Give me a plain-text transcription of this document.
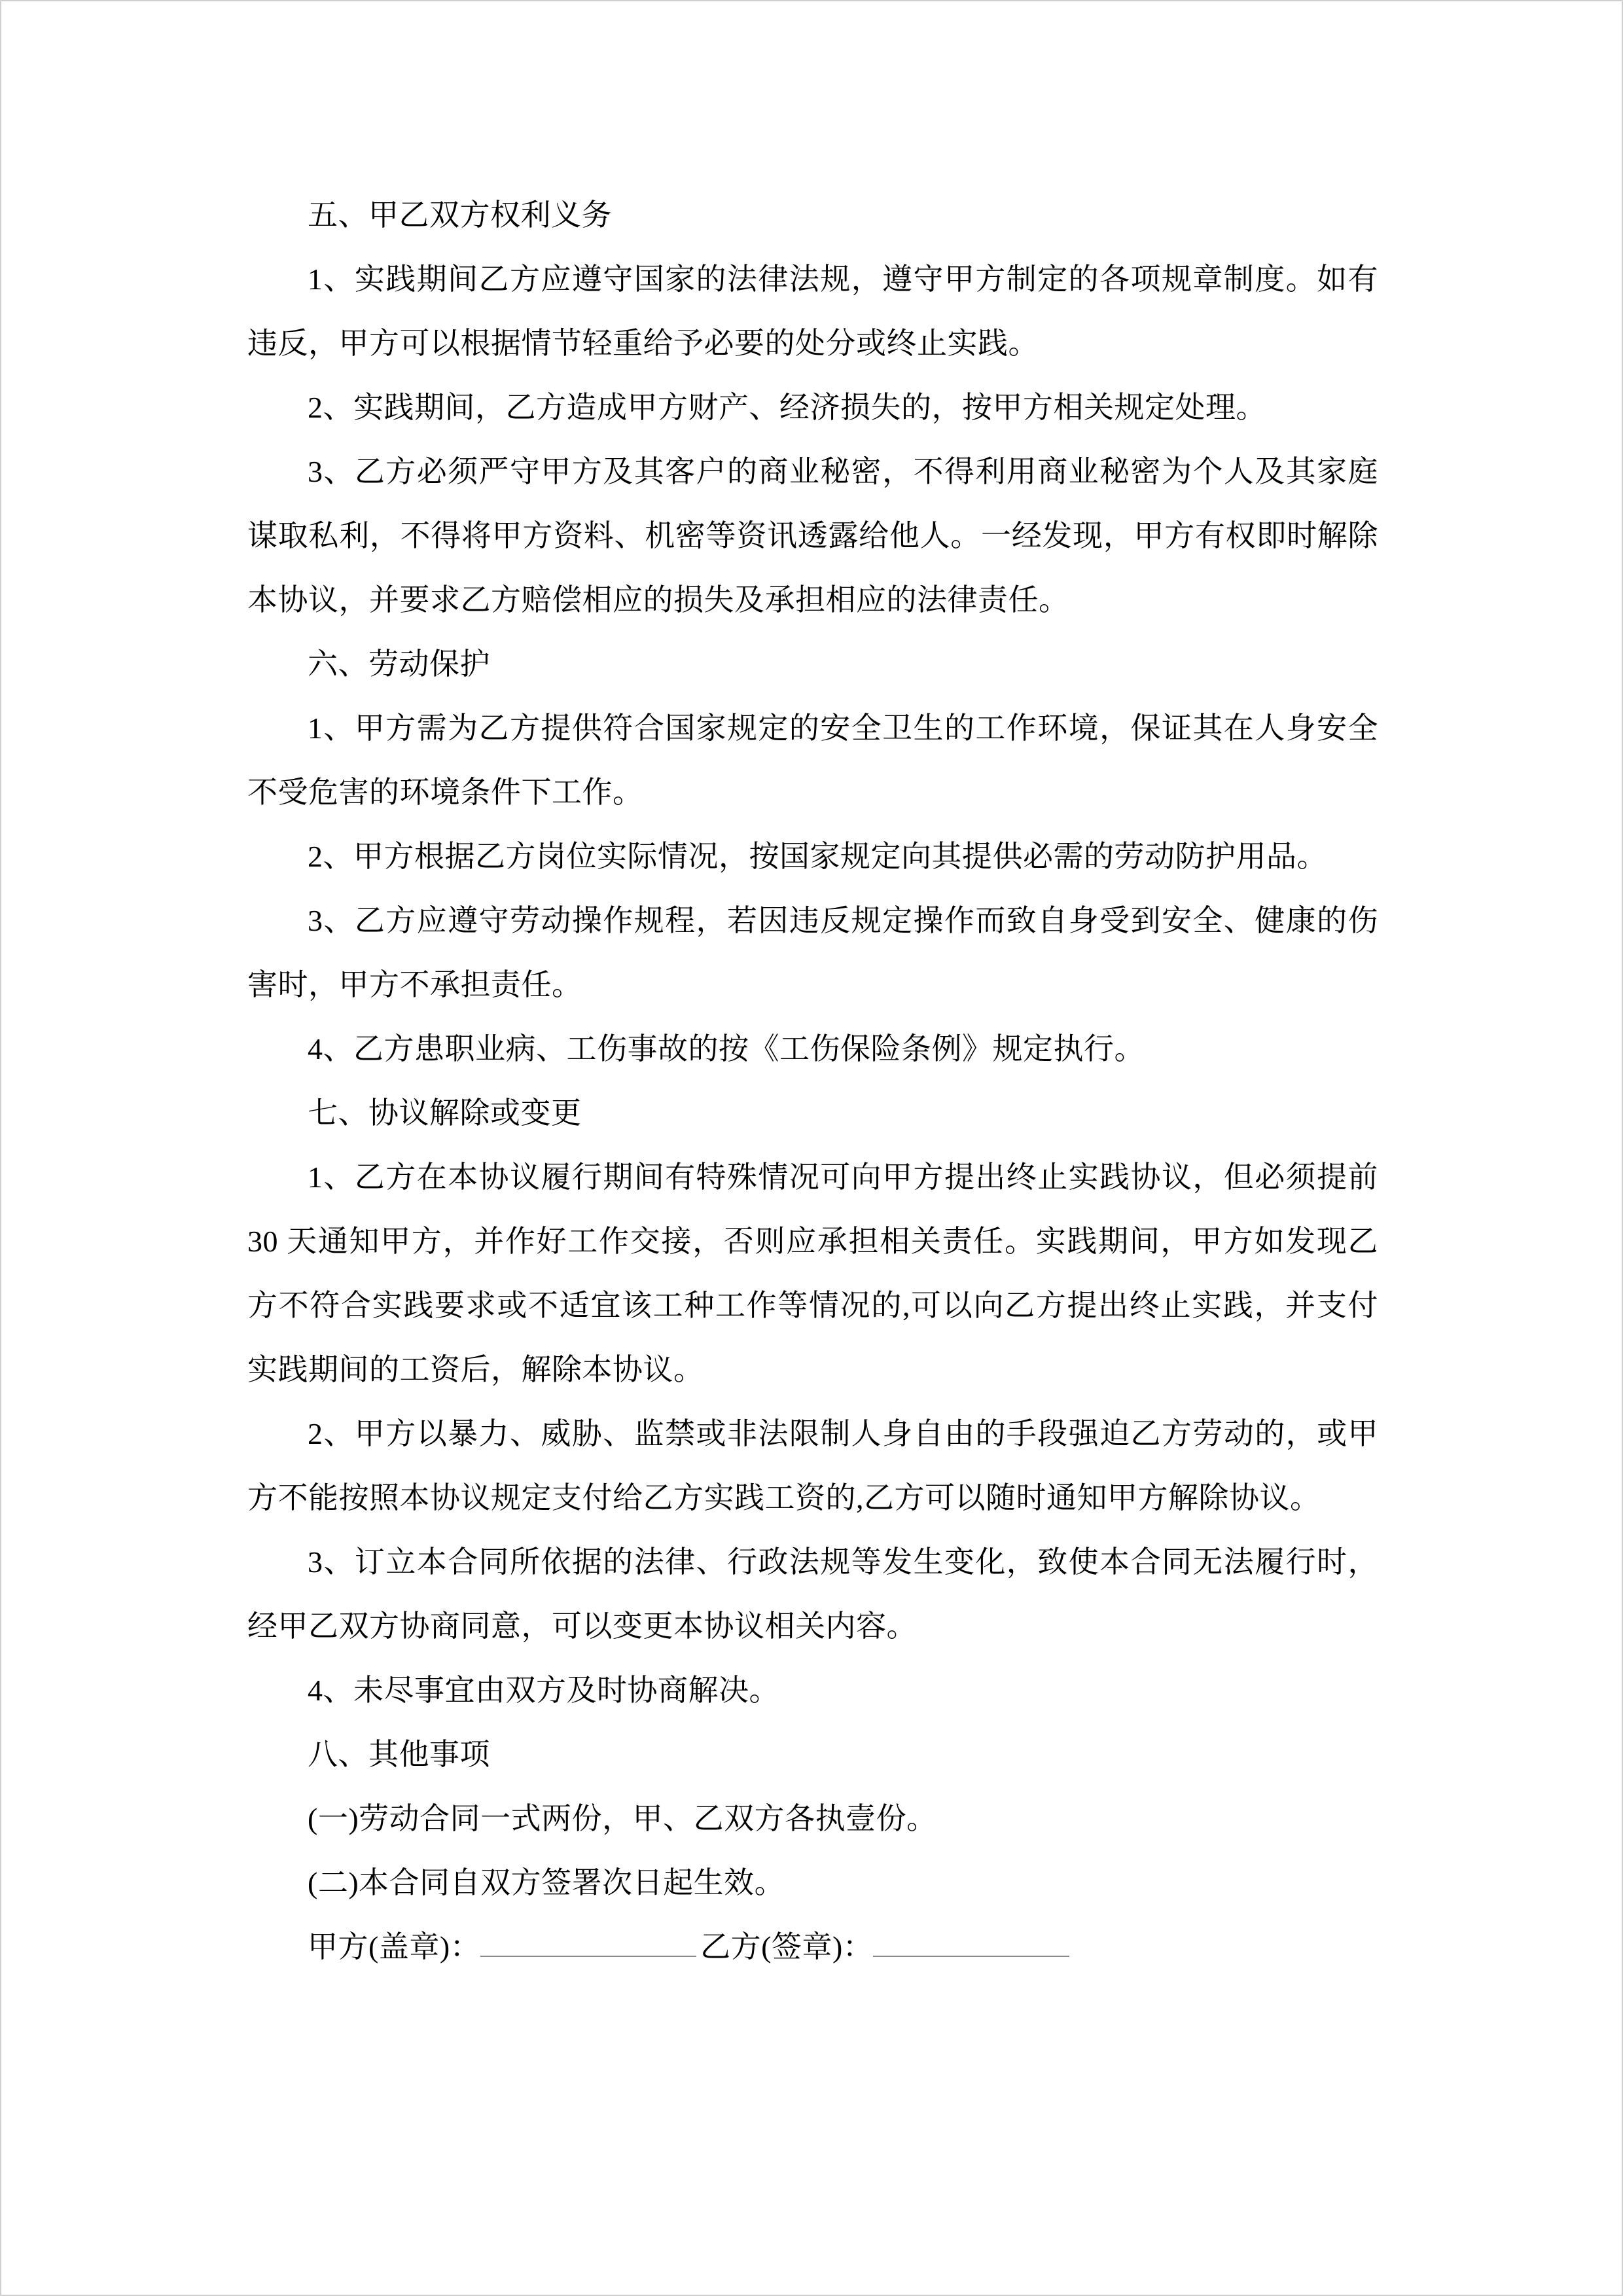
五、甲乙双方权利义务

1、实践期间乙方应遵守国家的法律法规，遵守甲方制定的各项规章制度。如有违反，甲方可以根据情节轻重给予必要的处分或终止实践。

2、实践期间，乙方造成甲方财产、经济损失的，按甲方相关规定处理。

3、乙方必须严守甲方及其客户的商业秘密，不得利用商业秘密为个人及其家庭谋取私利，不得将甲方资料、机密等资讯透露给他人。一经发现，甲方有权即时解除本协议，并要求乙方赔偿相应的损失及承担相应的法律责任。

六、劳动保护

1、甲方需为乙方提供符合国家规定的安全卫生的工作环境，保证其在人身安全不受危害的环境条件下工作。

2、甲方根据乙方岗位实际情况，按国家规定向其提供必需的劳动防护用品。

3、乙方应遵守劳动操作规程，若因违反规定操作而致自身受到安全、健康的伤害时，甲方不承担责任。

4、乙方患职业病、工伤事故的按《工伤保险条例》规定执行。

七、协议解除或变更

1、乙方在本协议履行期间有特殊情况可向甲方提出终止实践协议，但必须提前 30 天通知甲方，并作好工作交接，否则应承担相关责任。实践期间，甲方如发现乙方不符合实践要求或不适宜该工种工作等情况的,可以向乙方提出终止实践，并支付实践期间的工资后，解除本协议。

2、甲方以暴力、威胁、监禁或非法限制人身自由的手段强迫乙方劳动的，或甲方不能按照本协议规定支付给乙方实践工资的,乙方可以随时通知甲方解除协议。

3、订立本合同所依据的法律、行政法规等发生变化，致使本合同无法履行时，经甲乙双方协商同意，可以变更本协议相关内容。

4、未尽事宜由双方及时协商解决。

八、其他事项

(一)劳动合同一式两份，甲、乙双方各执壹份。

(二)本合同自双方签署次日起生效。

甲方(盖章)：	乙方(签章)：
